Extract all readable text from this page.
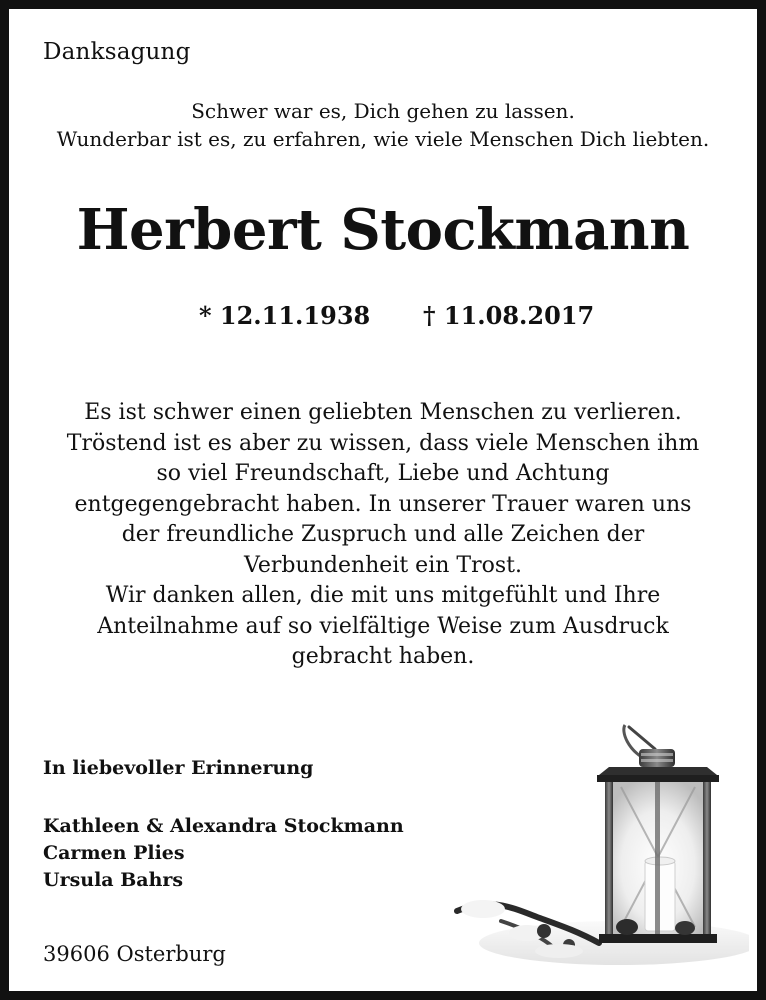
Danksagung
Schwer war es, Dich gehen zu lassen.
Wunderbar ist es, zu erfahren, wie viele Menschen Dich liebten.
Herbert Stockmann
* 12.11.1938 † 11.08.2017
Es ist schwer einen geliebten Menschen zu verlieren.
Tröstend ist es aber zu wissen, dass viele Menschen ihm
so viel Freundschaft, Liebe und Achtung
entgegengebracht haben. In unserer Trauer waren uns
der freundliche Zuspruch und alle Zeichen der
Verbundenheit ein Trost.
Wir danken allen, die mit uns mitgefühlt und Ihre
Anteilnahme auf so vielfältige Weise zum Ausdruck
gebracht haben.
In liebevoller Erinnerung
Kathleen & Alexandra Stockmann
Carmen Plies
Ursula Bahrs
39606 Osterburg
